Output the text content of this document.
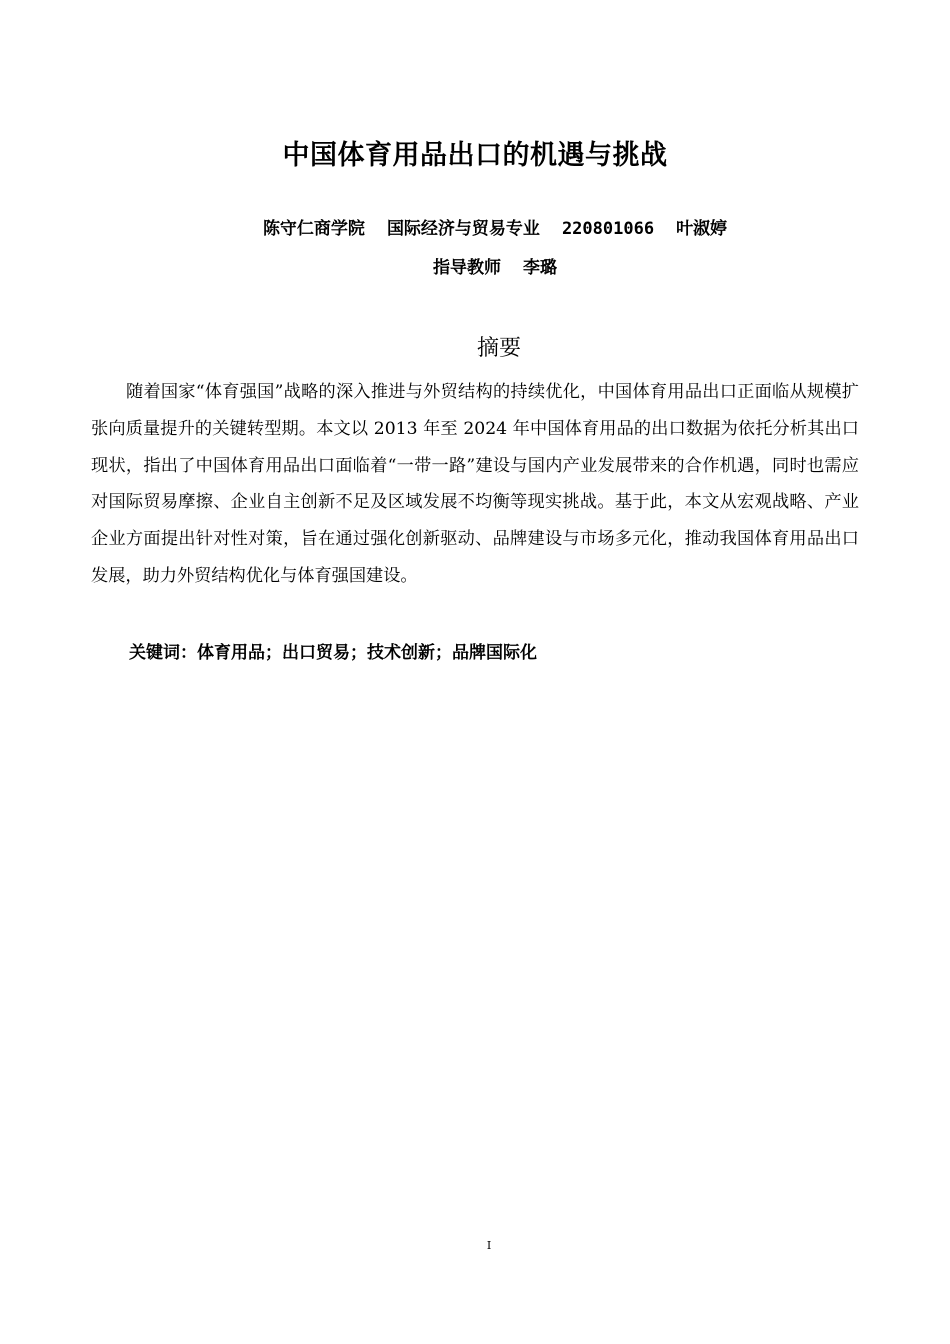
中国体育用品出口的机遇与挑战
陈守仁商学院 国际经济与贸易专业 220801066 叶淑婷
指导教师 李璐
摘要

随着国家“体育强国”战略的深入推进与外贸结构的持续优化，中国体育用品出口正面临从规模扩张向质量提升的关键转型期。本文以 2013 年至 2024 年中国体育用品的出口数据为依托分析其出口现状，指出了中国体育用品出口面临着“一带一路”建设与国内产业发展带来的合作机遇，同时也需应对国际贸易摩擦、企业自主创新不足及区域发展不均衡等现实挑战。基于此，本文从宏观战略、产业企业方面提出针对性对策，旨在通过强化创新驱动、品牌建设与市场多元化，推动我国体育用品出口发展，助力外贸结构优化与体育强国建设。

关键词：体育用品；出口贸易；技术创新；品牌国际化
I
